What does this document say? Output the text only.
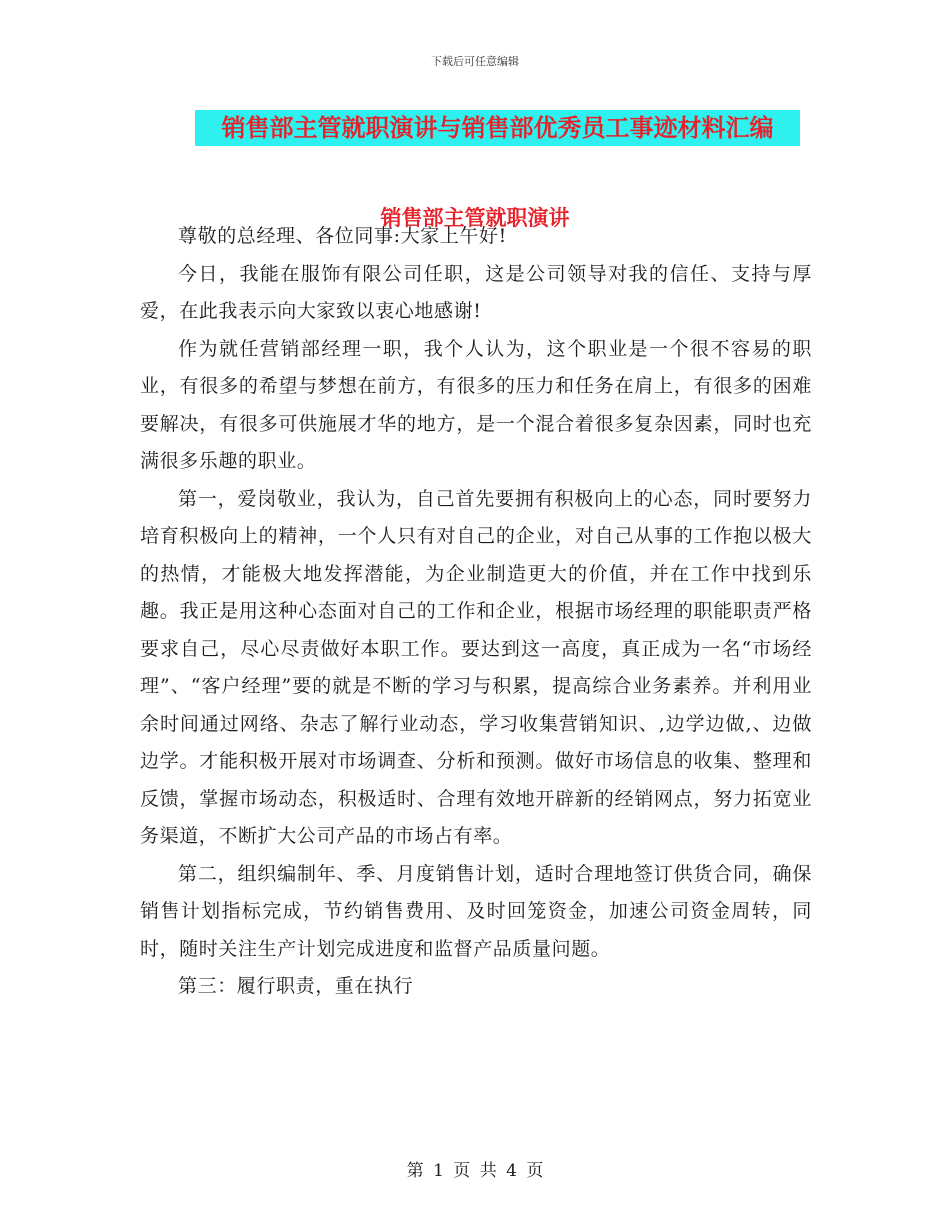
下载后可任意编辑
销售部主管就职演讲与销售部优秀员工事迹材料汇编
销售部主管就职演讲

尊敬的总经理、各位同事:大家上午好!

今日，我能在服饰有限公司任职，这是公司领导对我的信任、支持与厚爱，在此我表示向大家致以衷心地感谢!

作为就任营销部经理一职，我个人认为，这个职业是一个很不容易的职业，有很多的希望与梦想在前方，有很多的压力和任务在肩上，有很多的困难要解决，有很多可供施展才华的地方，是一个混合着很多复杂因素，同时也充满很多乐趣的职业。

第一，爱岗敬业，我认为，自己首先要拥有积极向上的心态，同时要努力培育积极向上的精神，一个人只有对自己的企业，对自己从事的工作抱以极大的热情，才能极大地发挥潜能，为企业制造更大的价值，并在工作中找到乐趣。我正是用这种心态面对自己的工作和企业，根据市场经理的职能职责严格要求自己，尽心尽责做好本职工作。要达到这一高度，真正成为一名“市场经理”、“客户经理”要的就是不断的学习与积累，提高综合业务素养。并利用业余时间通过网络、杂志了解行业动态，学习收集营销知识、,边学边做,、边做边学。才能积极开展对市场调查、分析和预测。做好市场信息的收集、整理和反馈，掌握市场动态，积极适时、合理有效地开辟新的经销网点，努力拓宽业务渠道，不断扩大公司产品的市场占有率。

第二，组织编制年、季、月度销售计划，适时合理地签订供货合同，确保销售计划指标完成，节约销售费用、及时回笼资金，加速公司资金周转，同时，随时关注生产计划完成进度和监督产品质量问题。

第三：履行职责，重在执行

第 1 页 共 4 页
